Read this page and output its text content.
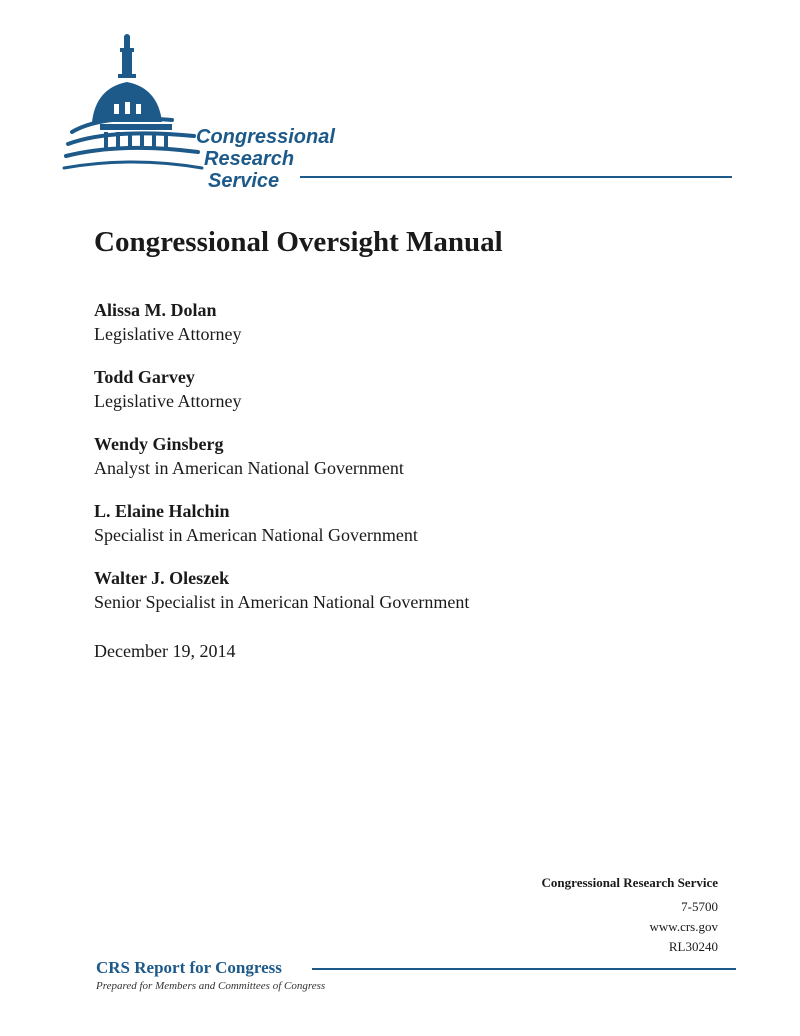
Congressional
Research
Service
Congressional Oversight Manual
Alissa M. Dolan
Legislative Attorney
Todd Garvey
Legislative Attorney
Wendy Ginsberg
Analyst in American National Government
L. Elaine Halchin
Specialist in American National Government
Walter J. Oleszek
Senior Specialist in American National Government
December 19, 2014
Congressional Research Service
7-5700
www.crs.gov
RL30240
CRS Report for Congress
Prepared for Members and Committees of Congress
